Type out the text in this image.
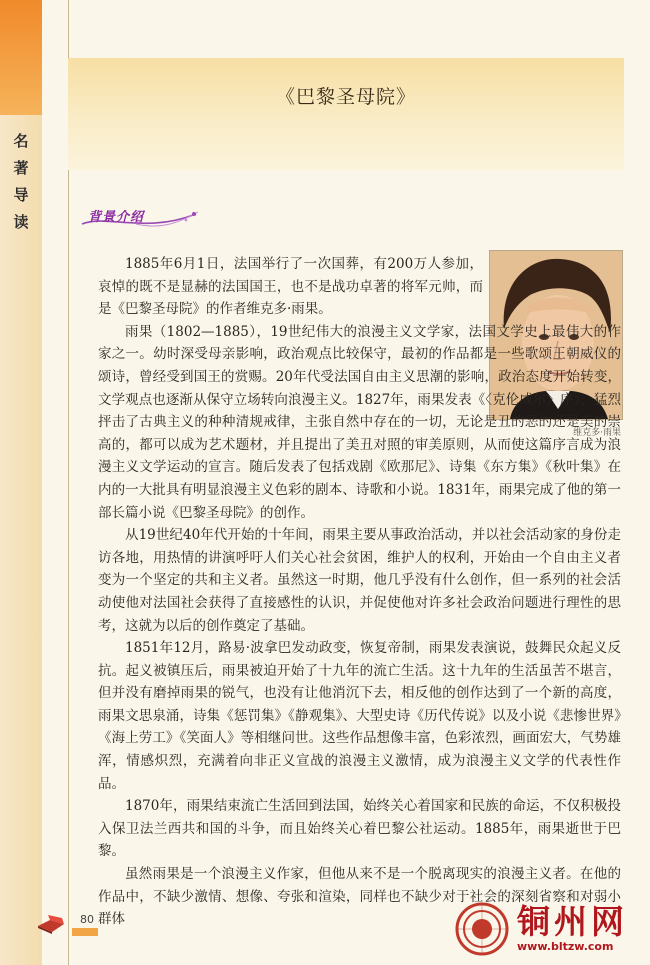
名
著
导
读
《巴黎圣母院》
背景介绍
维克多·雨果

1885年6月1日，法国举行了一次国葬，有200万人参加，哀悼的既不是显赫的法国国王，也不是战功卓著的将军元帅，而是《巴黎圣母院》的作者维克多·雨果。

雨果（1802—1885），19世纪伟大的浪漫主义文学家，法国文学史上最伟大的作家之一。幼时深受母亲影响，政治观点比较保守，最初的作品都是一些歌颂王朝威仪的颂诗，曾经受到国王的赏赐。20年代受法国自由主义思潮的影响，政治态度开始转变，文学观点也逐渐从保守立场转向浪漫主义。1827年，雨果发表《〈克伦威尔〉序》，猛烈抨击了古典主义的种种清规戒律，主张自然中存在的一切，无论是丑的恶的还是美的崇高的，都可以成为艺术题材，并且提出了美丑对照的审美原则，从而使这篇序言成为浪漫主义文学运动的宣言。随后发表了包括戏剧《欧那尼》、诗集《东方集》《秋叶集》在内的一大批具有明显浪漫主义色彩的剧本、诗歌和小说。1831年，雨果完成了他的第一部长篇小说《巴黎圣母院》的创作。

从19世纪40年代开始的十年间，雨果主要从事政治活动，并以社会活动家的身份走访各地，用热情的讲演呼吁人们关心社会贫困，维护人的权利，开始由一个自由主义者变为一个坚定的共和主义者。虽然这一时期，他几乎没有什么创作，但一系列的社会活动使他对法国社会获得了直接感性的认识，并促使他对许多社会政治问题进行理性的思考，这就为以后的创作奠定了基础。

1851年12月，路易·波拿巴发动政变，恢复帝制，雨果发表演说，鼓舞民众起义反抗。起义被镇压后，雨果被迫开始了十九年的流亡生活。这十九年的生活虽苦不堪言，但并没有磨掉雨果的锐气，也没有让他消沉下去，相反他的创作达到了一个新的高度，雨果文思泉涌，诗集《惩罚集》《静观集》、大型史诗《历代传说》以及小说《悲惨世界》《海上劳工》《笑面人》等相继问世。这些作品想像丰富，色彩浓烈，画面宏大，气势雄浑，情感炽烈，充满着向非正义宣战的浪漫主义激情，成为浪漫主义文学的代表性作品。

1870年，雨果结束流亡生活回到法国，始终关心着国家和民族的命运，不仅积极投入保卫法兰西共和国的斗争，而且始终关心着巴黎公社运动。1885年，雨果逝世于巴黎。

虽然雨果是一个浪漫主义作家，但他从来不是一个脱离现实的浪漫主义者。在他的作品中，不缺少激情、想像、夸张和渲染，同样也不缺少对于社会的深刻省察和对弱小群体

80	铜州网
www.bltzw.com
